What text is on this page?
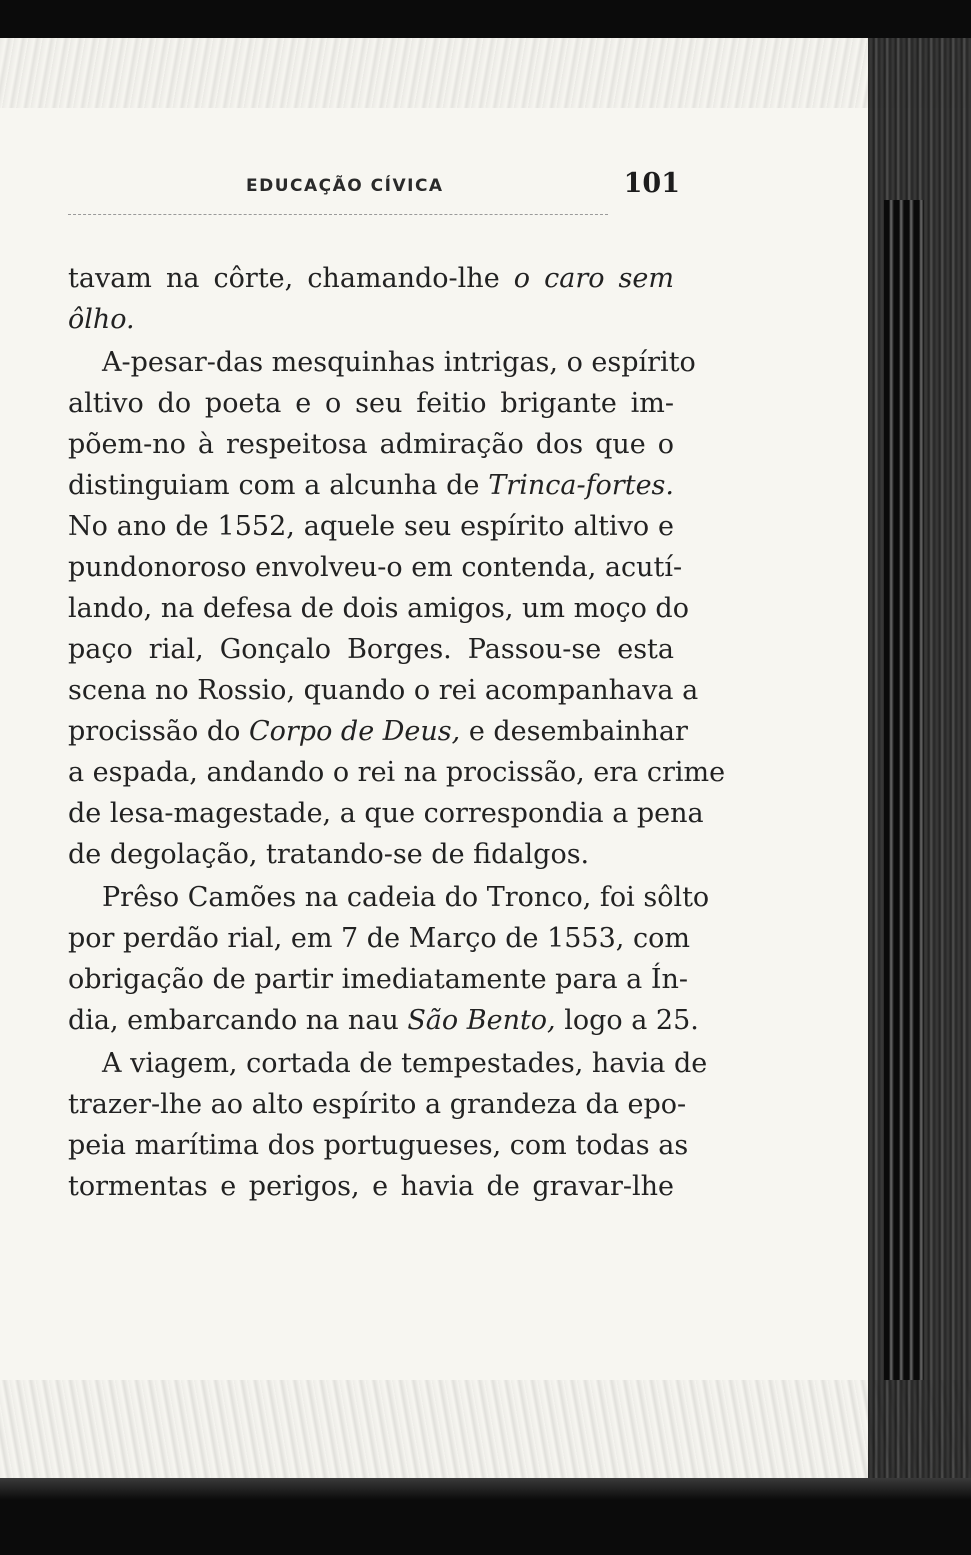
EDUCAÇÃO CÍVICA	101
tavam na côrte, chamando-lhe o caro sem
ôlho.
A-pesar-das mesquinhas intrigas, o espírito
altivo do poeta e o seu feitio brigante im-
põem-no à respeitosa admiração dos que o
distinguiam com a alcunha de Trinca-fortes.
No ano de 1552, aquele seu espírito altivo e
pundonoroso envolveu-o em contenda, acutí-
lando, na defesa de dois amigos, um moço do
paço rial, Gonçalo Borges. Passou-se esta
scena no Rossio, quando o rei acompanhava a
procissão do Corpo de Deus, e desembainhar
a espada, andando o rei na procissão, era crime
de lesa-magestade, a que correspondia a pena
de degolação, tratando-se de fidalgos.
Prêso Camões na cadeia do Tronco, foi sôlto
por perdão rial, em 7 de Março de 1553, com
obrigação de partir imediatamente para a Ín-
dia, embarcando na nau São Bento, logo a 25.
A viagem, cortada de tempestades, havia de
trazer-lhe ao alto espírito a grandeza da epo-
peia marítima dos portugueses, com todas as
tormentas e perigos, e havia de gravar-lhe
